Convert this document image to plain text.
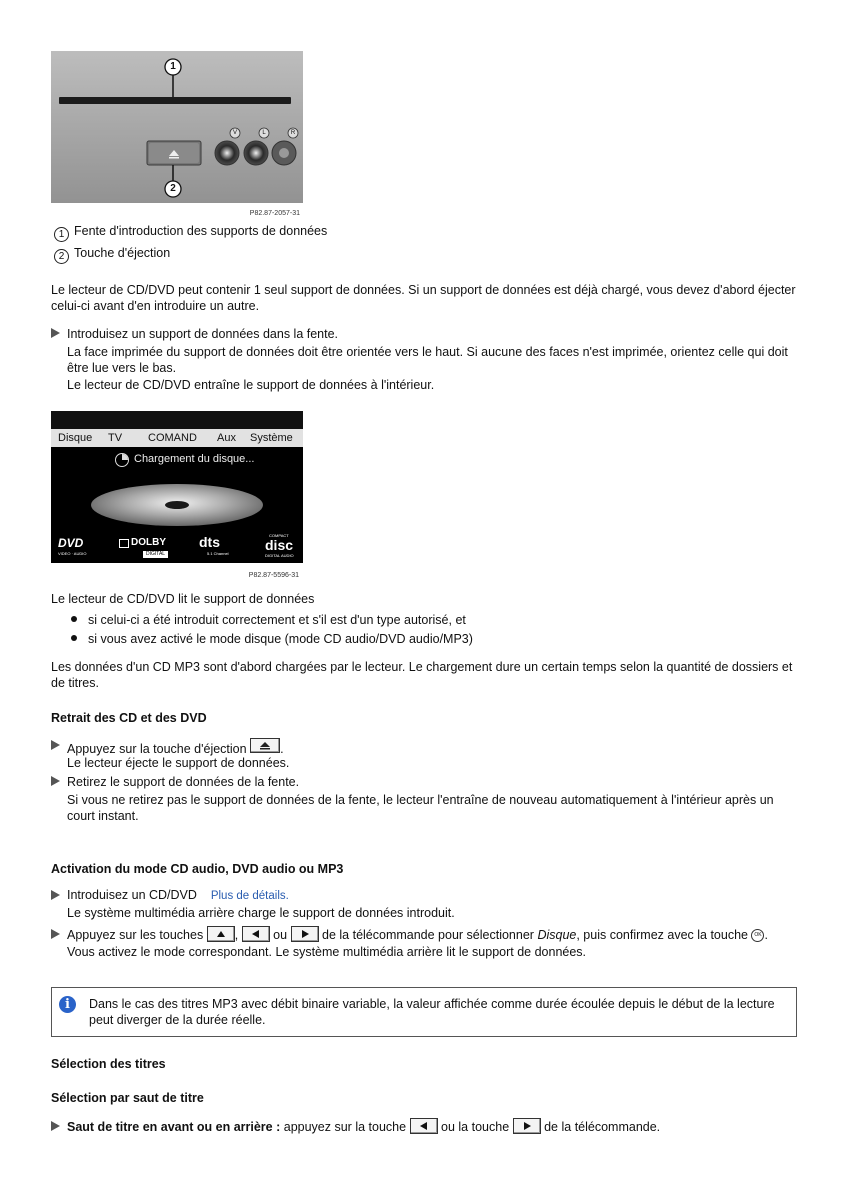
1
2
V	L	R
P82.87-2057-31
1 Fente d'introduction des supports de données
2 Touche d'éjection
Le lecteur de CD/DVD peut contenir 1 seul support de données. Si un support de données est déjà chargé, vous devez d'abord éjecter celui-ci avant d'en introduire un autre.
Introduisez un support de données dans la fente.
La face imprimée du support de données doit être orientée vers le haut. Si aucune des faces n'est imprimée, orientez celle qui doit être lue vers le bas.
Le lecteur de CD/DVD entraîne le support de données à l'intérieur.
Disque TV COMAND Aux Système
Chargement du disque...
DVD
VIDEO · AUDIO
DOLBY
DIGITAL
dts
5.1 Channel
COMPACT
disc
DIGITAL AUDIO
P82.87-5596-31
Le lecteur de CD/DVD lit le support de données
si celui-ci a été introduit correctement et s'il est d'un type autorisé, et
si vous avez activé le mode disque (mode CD audio/DVD audio/MP3)
Les données d'un CD MP3 sont d'abord chargées par le lecteur. Le chargement dure un certain temps selon la quantité de dossiers et de titres.
Retrait des CD et des DVD
Appuyez sur la touche d'éjection	.
Le lecteur éjecte le support de données.
Retirez le support de données de la fente.
Si vous ne retirez pas le support de données de la fente, le lecteur l'entraîne de nouveau automatiquement à l'intérieur après un court instant.
Activation du mode CD audio, DVD audio ou MP3
Introduisez un CD/DVD Plus de détails.
Le système multimédia arrière charge le support de données introduit.
Appuyez sur les touches	,	ou	de la télécommande pour sélectionner Disque, puis confirmez avec la touche OK .
Vous activez le mode correspondant. Le système multimédia arrière lit le support de données.
i	Dans le cas des titres MP3 avec débit binaire variable, la valeur affichée comme durée écoulée depuis le début de la lecture peut diverger de la durée réelle.
Sélection des titres
Sélection par saut de titre
Saut de titre en avant ou en arrière : appuyez sur la touche	ou la touche	de la télécommande.
